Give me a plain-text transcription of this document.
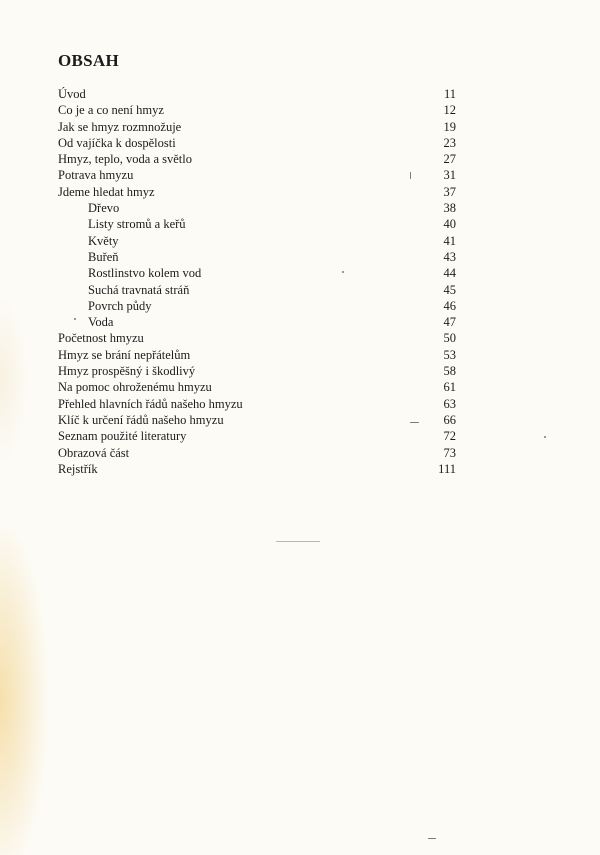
OBSAH
Úvod	11
Co je a co není hmyz	12
Jak se hmyz rozmnožuje	19
Od vajíčka k dospělosti	23
Hmyz, teplo, voda a světlo	27
Potrava hmyzu	31
Jdeme hledat hmyz	37
Dřevo	38
Listy stromů a keřů	40
Květy	41
Buřeň	43
Rostlinstvo kolem vod	44
Suchá travnatá stráň	45
Povrch půdy	46
Voda	47
Početnost hmyzu	50
Hmyz se brání nepřátelům	53
Hmyz prospěšný i škodlivý	58
Na pomoc ohroženému hmyzu	61
Přehled hlavních řádů našeho hmyzu	63
Klíč k určení řádů našeho hmyzu	66
Seznam použité literatury	72
Obrazová část	73
Rejstřík	111
